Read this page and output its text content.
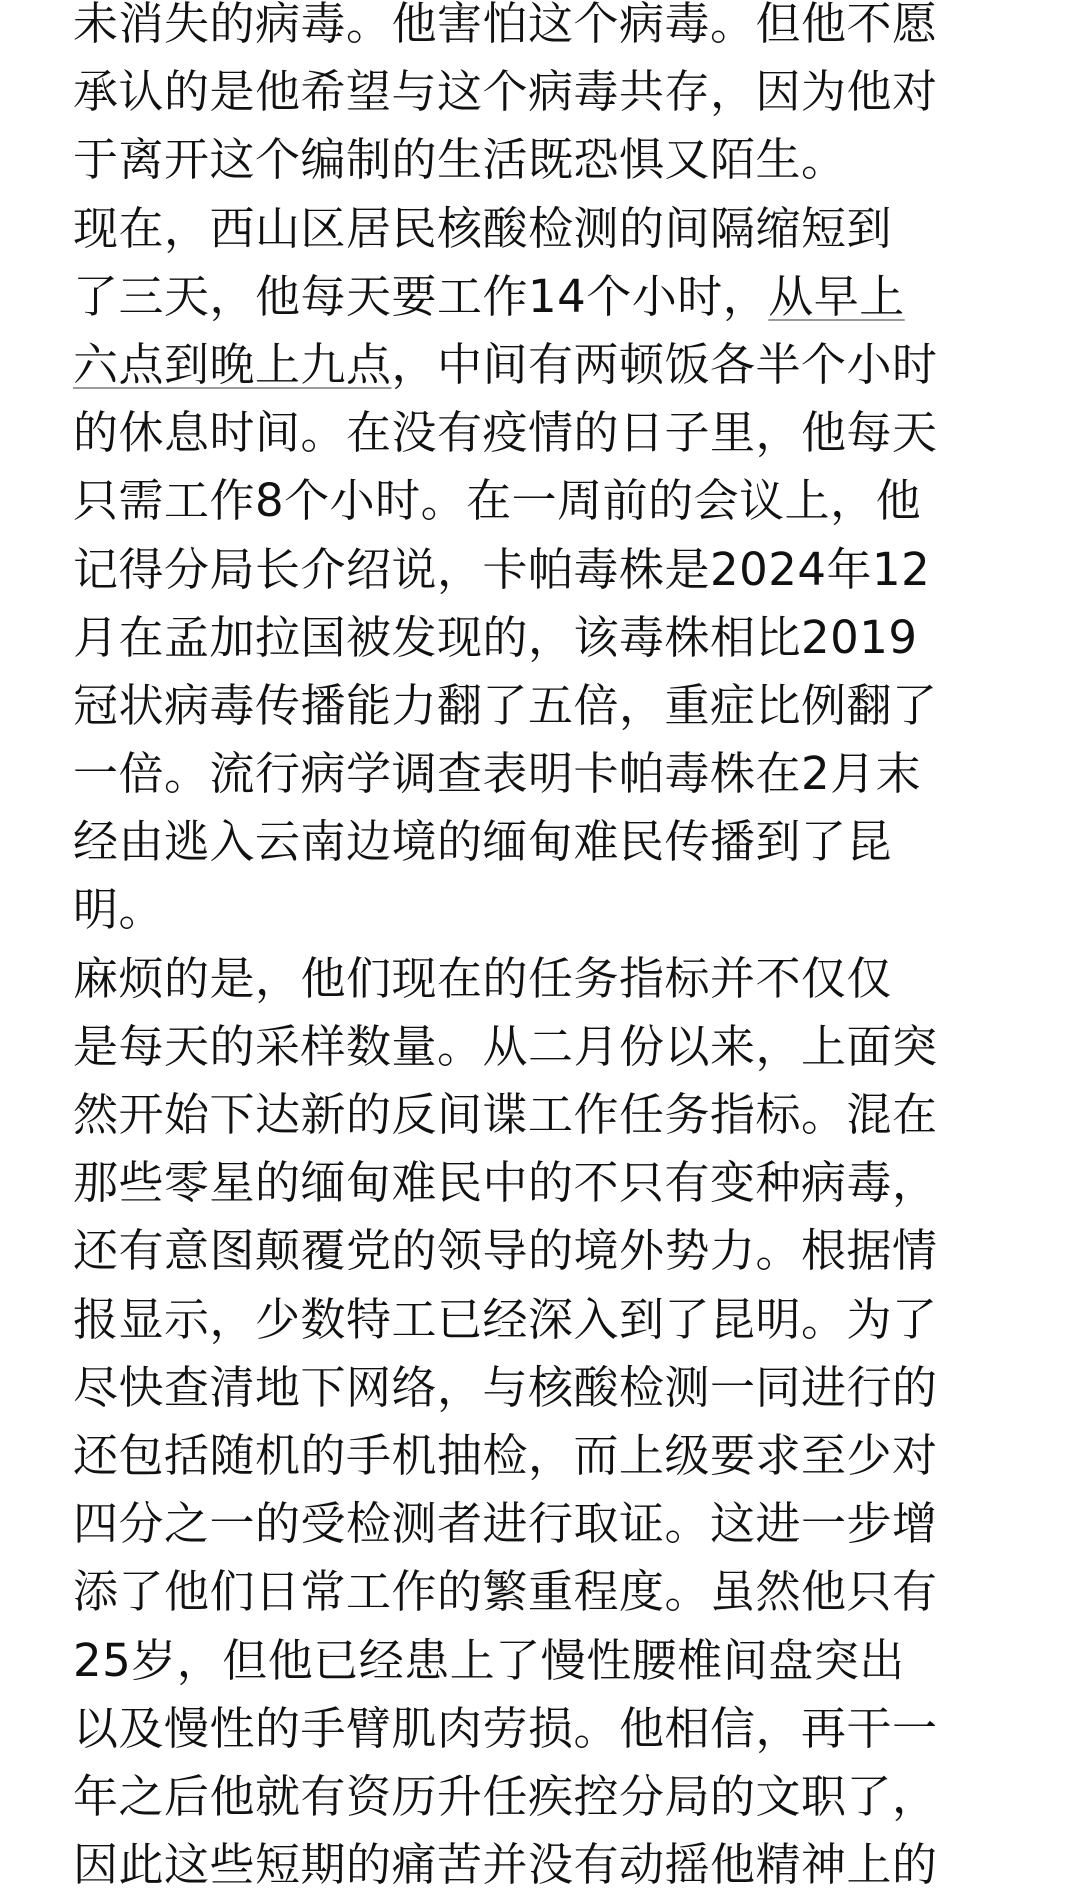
未消失的病毒。他害怕这个病毒。但他不愿
承认的是他希望与这个病毒共存，因为他对
于离开这个编制的生活既恐惧又陌生。
现在，西山区居民核酸检测的间隔缩短到
了三天，他每天要工作14个小时，从早上
六点到晚上九点，中间有两顿饭各半个小时
的休息时间。在没有疫情的日子里，他每天
只需工作8个小时。在一周前的会议上，他
记得分局长介绍说，卡帕毒株是2024年12
月在孟加拉国被发现的，该毒株相比2019
冠状病毒传播能力翻了五倍，重症比例翻了
一倍。流行病学调查表明卡帕毒株在2月末
经由逃入云南边境的缅甸难民传播到了昆
明。
麻烦的是，他们现在的任务指标并不仅仅
是每天的采样数量。从二月份以来，上面突
然开始下达新的反间谍工作任务指标。混在
那些零星的缅甸难民中的不只有变种病毒，
还有意图颠覆党的领导的境外势力。根据情
报显示，少数特工已经深入到了昆明。为了
尽快查清地下网络，与核酸检测一同进行的
还包括随机的手机抽检，而上级要求至少对
四分之一的受检测者进行取证。这进一步增
添了他们日常工作的繁重程度。虽然他只有
25岁，但他已经患上了慢性腰椎间盘突出
以及慢性的手臂肌肉劳损。他相信，再干一
年之后他就有资历升任疾控分局的文职了，
因此这些短期的痛苦并没有动摇他精神上的
